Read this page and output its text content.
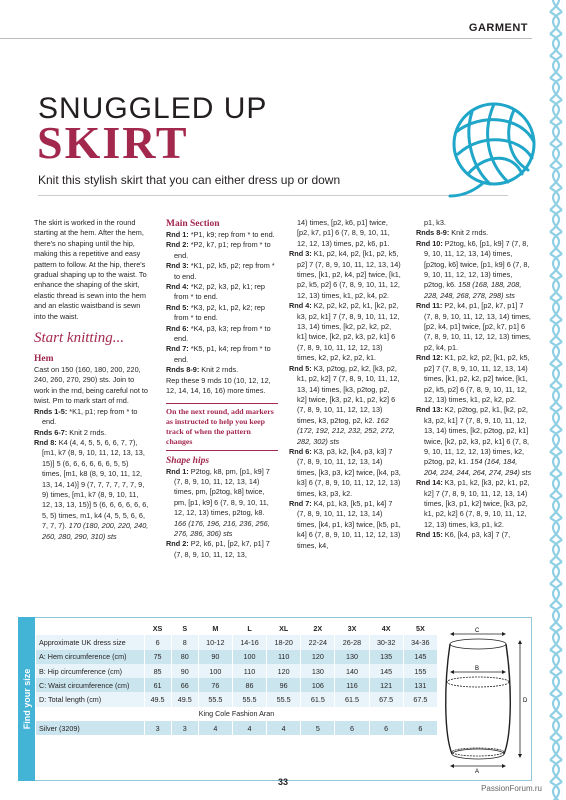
GARMENT
SNUGGLED UP
SKIRT
Knit this stylish skirt that you can either dress up or down

The skirt is worked in the round starting at the hem. After the hem, there's no shaping until the hip, making this a repetitive and easy pattern to follow. At the hip, there's gradual shaping up to the waist. To enhance the shaping of the skirt, elastic thread is sewn into the hem and an elastic waistband is sewn into the waist.

Start knitting...
Hem

Cast on 150 (160, 180, 200, 220, 240, 260, 270, 290) sts. Join to work in the rnd, being careful not to twist. Pm to mark start of rnd.

Rnds 1-5: *K1, p1; rep from * to end.

Rnds 6-7: Knit 2 rnds.

Rnd 8: K4 (4, 4, 5, 5, 6, 6, 7, 7), [m1, k7 (8, 9, 10, 11, 12, 13, 13, 15)] 5 (6, 6, 6, 6, 6, 6, 5, 5) times, [m1, k8 (8, 9, 10, 11, 12, 13, 14, 14)] 9 (7, 7, 7, 7, 7, 7, 9, 9) times, [m1, k7 (8, 9, 10, 11, 12, 13, 13, 15)] 5 (6, 6, 6, 6, 6, 6, 5, 5) times, m1, k4 (4, 5, 5, 6, 6, 7, 7, 7). 170 (180, 200, 220, 240, 260, 280, 290, 310) sts

Main Section

Rnd 1: *P1, k9; rep from * to end.

Rnd 2: *P2, k7, p1; rep from * to end.

Rnd 3: *K1, p2, k5, p2; rep from * to end.

Rnd 4: *K2, p2, k3, p2, k1; rep from * to end.

Rnd 5: *K3, p2, k1, p2, k2; rep from * to end.

Rnd 6: *K4, p3, k3; rep from * to end.

Rnd 7: *K5, p1, k4; rep from * to end.

Rnds 8-9: Knit 2 rnds.

Rep these 9 rnds 10 (10, 12, 12, 12, 14, 14, 16, 16) more times.

On the next round, add markers as instructed to help you keep track of when the pattern changes
Shape hips

Rnd 1: P2tog, k8, pm, [p1, k9] 7 (7, 8, 9, 10, 11, 12, 13, 14) times, pm, [p2tog, k8] twice, pm, [p1, k9] 6 (7, 8, 9, 10, 11, 12, 12, 13) times, p2tog, k8. 166 (176, 196, 216, 236, 256, 276, 286, 306) sts

Rnd 2: P2, k6, p1, [p2, k7, p1] 7 (7, 8, 9, 10, 11, 12, 13,

14) times, [p2, k6, p1] twice, [p2, k7, p1] 6 (7, 8, 9, 10, 11, 12, 12, 13) times, p2, k6, p1.

Rnd 3: K1, p2, k4, p2, [k1, p2, k5, p2] 7 (7, 8, 9, 10, 11, 12, 13, 14) times, [k1, p2, k4, p2] twice, [k1, p2, k5, p2] 6 (7, 8, 9, 10, 11, 12, 12, 13) times, k1, p2, k4, p2.

Rnd 4: K2, p2, k2, p2, k1, [k2, p2, k3, p2, k1] 7 (7, 8, 9, 10, 11, 12, 13, 14) times, [k2, p2, k2, p2, k1] twice, [k2, p2, k3, p2, k1] 6 (7, 8, 9, 10, 11, 12, 12, 13) times, k2, p2, k2, p2, k1.

Rnd 5: K3, p2tog, p2, k2, [k3, p2, k1, p2, k2] 7 (7, 8, 9, 10, 11, 12, 13, 14) times, [k3, p2tog, p2, k2] twice, [k3, p2, k1, p2, k2] 6 (7, 8, 9, 10, 11, 12, 12, 13) times, k3, p2tog, p2, k2. 162 (172, 192, 212, 232, 252, 272, 282, 302) sts

Rnd 6: K3, p3, k2, [k4, p3, k3] 7 (7, 8, 9, 10, 11, 12, 13, 14) times, [k3, p3, k2] twice, [k4, p3, k3] 6 (7, 8, 9, 10, 11, 12, 12, 13) times, k3, p3, k2.

Rnd 7: K4, p1, k3, [k5, p1, k4] 7 (7, 8, 9, 10, 11, 12, 13, 14) times, [k4, p1, k3] twice, [k5, p1, k4] 6 (7, 8, 9, 10, 11, 12, 12, 13) times, k4,

p1, k3.

Rnds 8-9: Knit 2 rnds.

Rnd 10: P2tog, k6, [p1, k9] 7 (7, 8, 9, 10, 11, 12, 13, 14) times, [p2tog, k6] twice, [p1, k9] 6 (7, 8, 9, 10, 11, 12, 12, 13) times, p2tog, k6. 158 (168, 188, 208, 228, 248, 268, 278, 298) sts

Rnd 11: P2, k4, p1, [p2, k7, p1] 7 (7, 8, 9, 10, 11, 12, 13, 14) times, [p2, k4, p1] twice, [p2, k7, p1] 6 (7, 8, 9, 10, 11, 12, 12, 13) times, p2, k4, p1.

Rnd 12: K1, p2, k2, p2, [k1, p2, k5, p2] 7 (7, 8, 9, 10, 11, 12, 13, 14) times, [k1, p2, k2, p2] twice, [k1, p2, k5, p2] 6 (7, 8, 9, 10, 11, 12, 12, 13) times, k1, p2, k2, p2.

Rnd 13: K2, p2tog, p2, k1, [k2, p2, k3, p2, k1] 7 (7, 8, 9, 10, 11, 12, 13, 14) times, [k2, p2tog, p2, k1] twice, [k2, p2, k3, p2, k1] 6 (7, 8, 9, 10, 11, 12, 12, 13) times, k2, p2tog, p2, k1. 154 (164, 184, 204, 224, 244, 264, 274, 294) sts

Rnd 14: K3, p1, k2, [k3, p2, k1, p2, k2] 7 (7, 8, 9, 10, 11, 12, 13, 14) times, [k3, p1, k2] twice, [k3, p2, k1, p2, k2] 6 (7, 8, 9, 10, 11, 12, 12, 13) times, k3, p1, k2.

Rnd 15: K6, [k4, p3, k3] 7 (7,

Find your size
	XS	S	M	L	XL	2X	3X	4X	5X
Approximate UK dress size	6	8	10-12	14-16	18-20	22-24	26-28	30-32	34-36
A: Hem circumference (cm)	75	80	90	100	110	120	130	135	145
B: Hip circumference (cm)	85	90	100	110	120	130	140	145	155
C: Waist circumference (cm)	61	66	76	86	96	106	116	121	131
D: Total length (cm)	49.5	49.5	55.5	55.5	55.5	61.5	61.5	67.5	67.5
King Cole Fashion Aran									
Silver (3209)	3	3	4	4	4	5	6	6	6
C
B
A
D
33
PassionForum.ru
